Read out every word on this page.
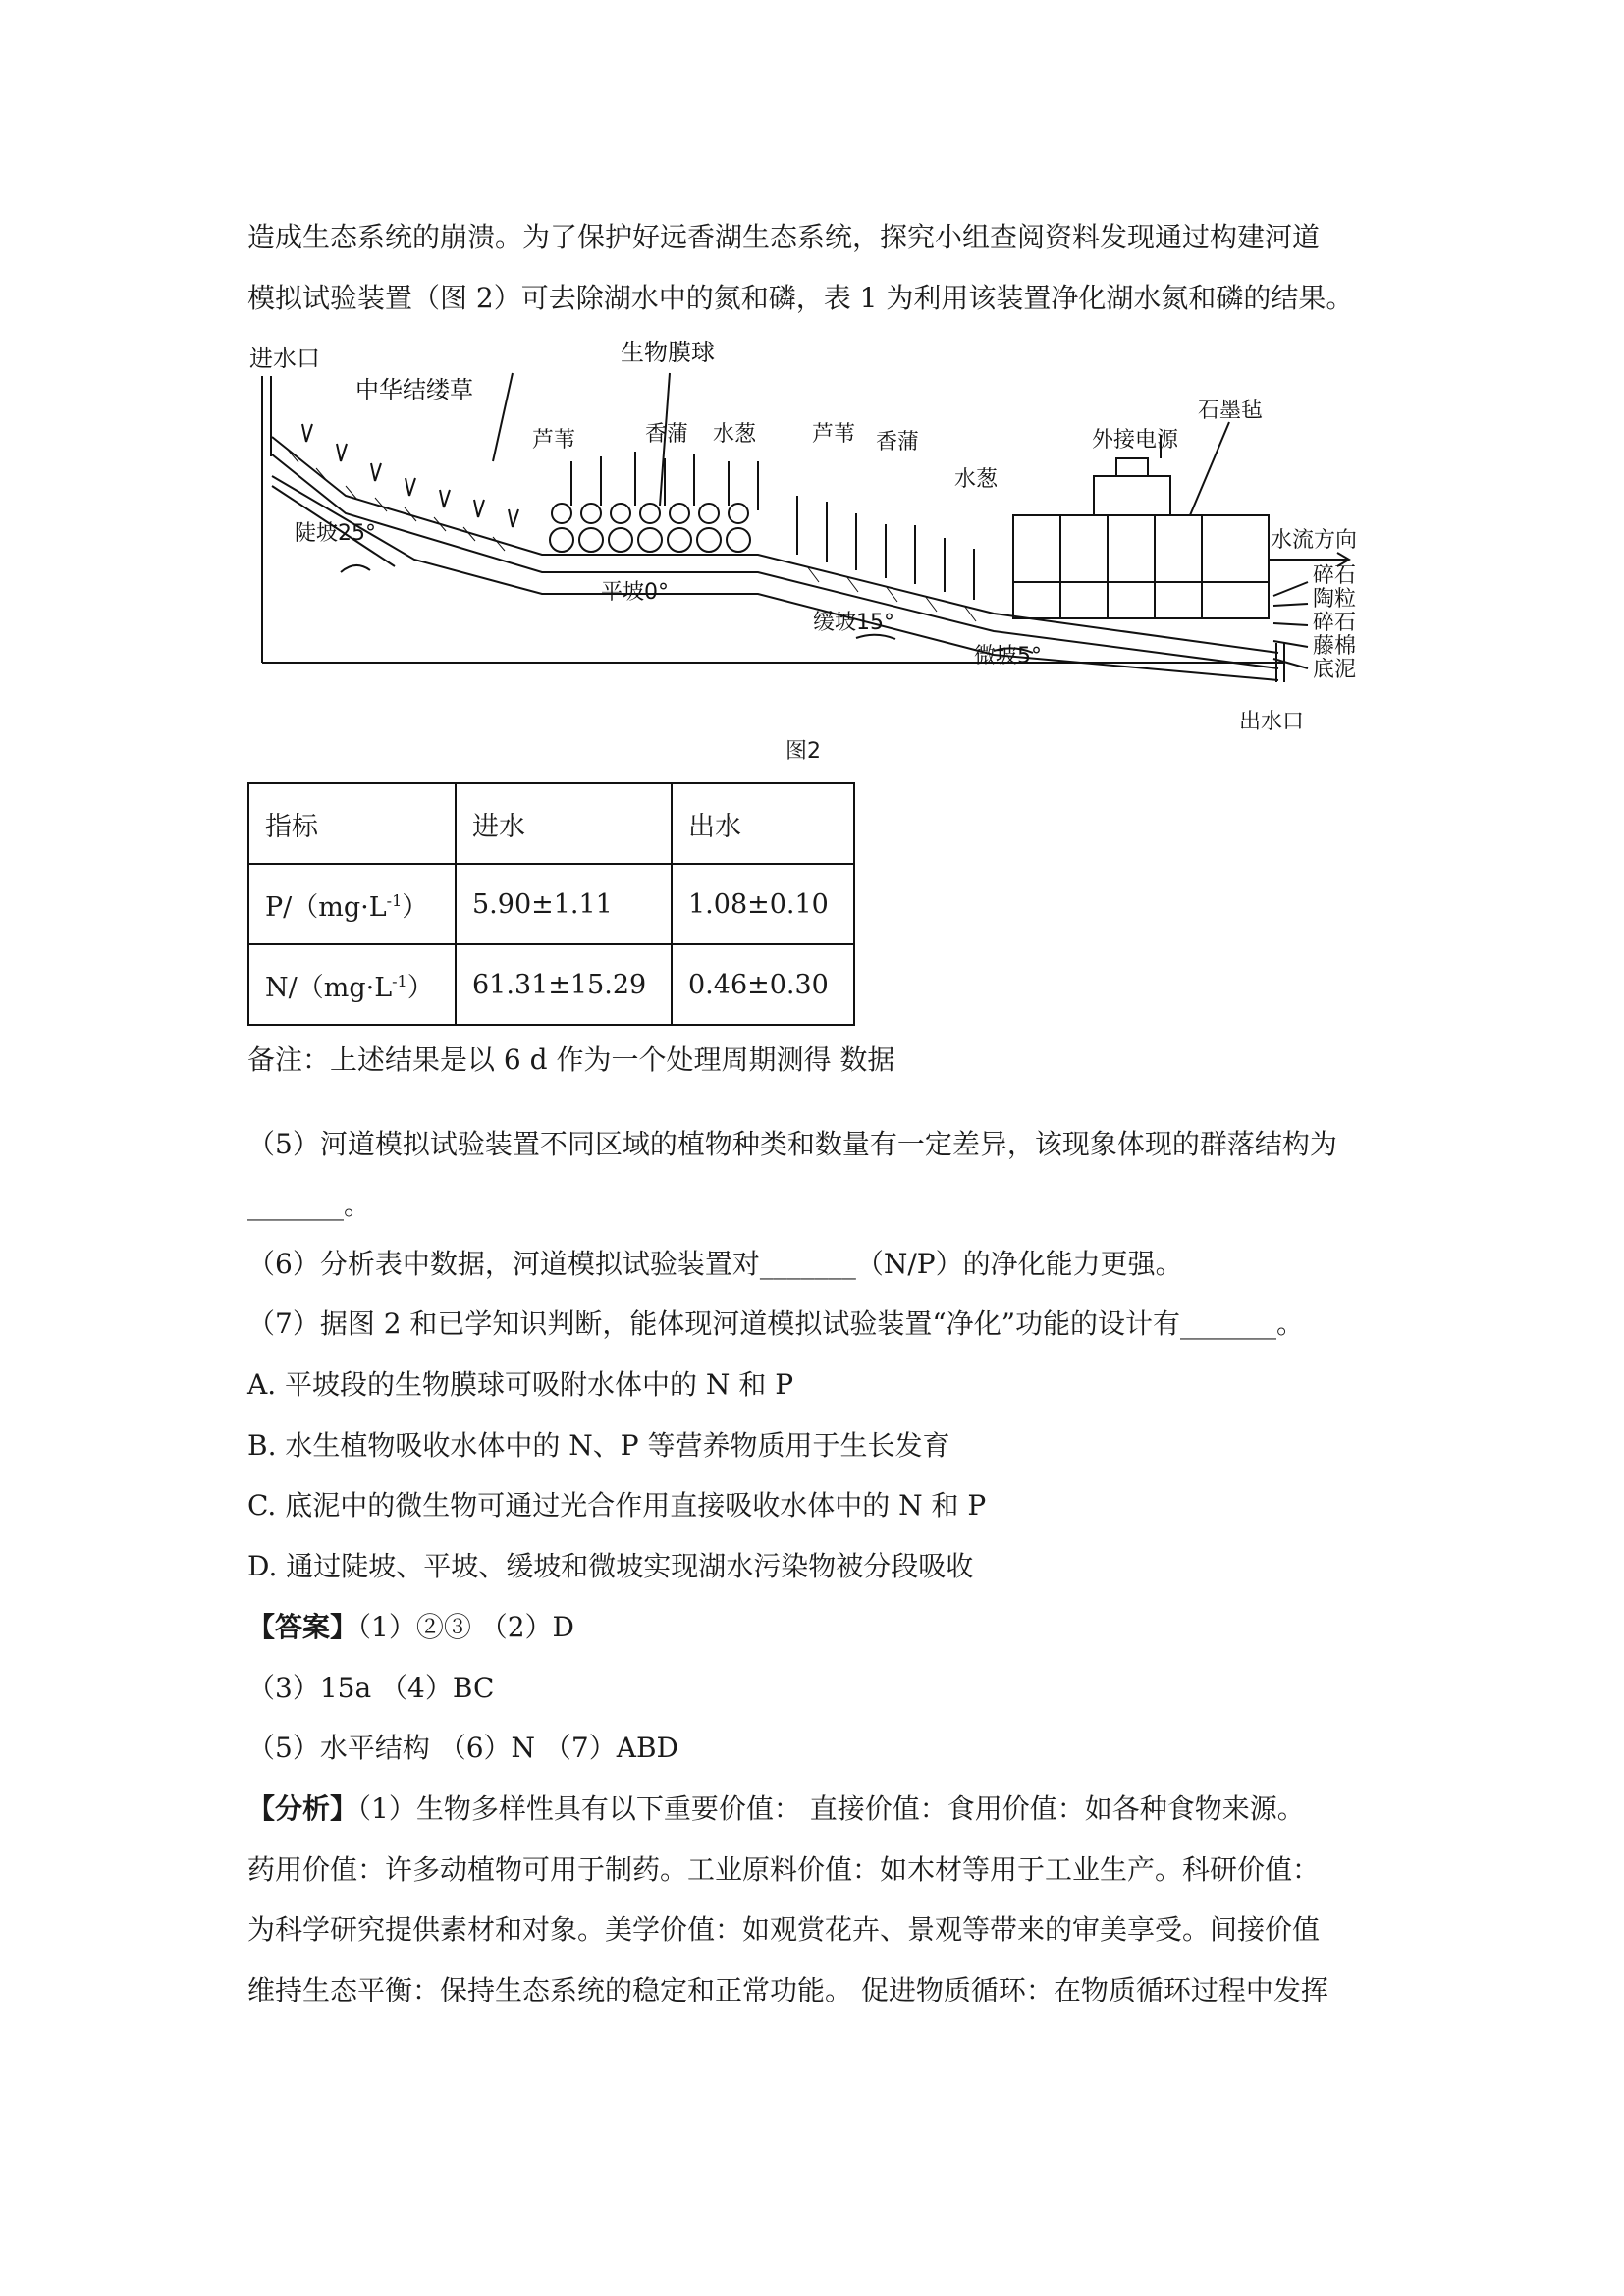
造成生态系统的崩溃。为了保护好远香湖生态系统，探究小组查阅资料发现通过构建河道
模拟试验装置（图 2）可去除湖水中的氮和磷，表 1 为利用该装置净化湖水氮和磷的结果。
进水口
中华结缕草
生物膜球
芦苇	香蒲 水葱	芦苇 香蒲
水葱
外接电源
石墨毡
水流方向
陡坡25°
平坡0°
缓坡15°
微坡5°
碎石
陶粒
碎石
藤棉
底泥
出水口
图2
指标	进水	出水
$P/(mg\cdot L^{-1})$	5.90±1.11	1.08±0.10
$N/(mg\cdot L^{-1})$	61.31±15.29	0.46±0.30
备注：上述结果是以 6 d 作为一个处理周期测得 数据
（5）河道模拟试验装置不同区域的植物种类和数量有一定差异，该现象体现的群落结构为
_______。
（6）分析表中数据，河道模拟试验装置对_______（N/P）的净化能力更强。
（7）据图 2 和已学知识判断，能体现河道模拟试验装置“净化”功能的设计有_______。
A. 平坡段的生物膜球可吸附水体中的 N 和 P
B. 水生植物吸收水体中的 N、P 等营养物质用于生长发育
C. 底泥中的微生物可通过光合作用直接吸收水体中的 N 和 P
D. 通过陡坡、平坡、缓坡和微坡实现湖水污染物被分段吸收
【答案】（1）②③ （2）D
（3）15a （4）BC
（5）水平结构 （6）N （7）ABD
【分析】（1）生物多样性具有以下重要价值： 直接价值：食用价值：如各种食物来源。
药用价值：许多动植物可用于制药。工业原料价值：如木材等用于工业生产。科研价值：
为科学研究提供素材和对象。美学价值：如观赏花卉、景观等带来的审美享受。间接价值
维持生态平衡：保持生态系统的稳定和正常功能。 促进物质循环：在物质循环过程中发挥
